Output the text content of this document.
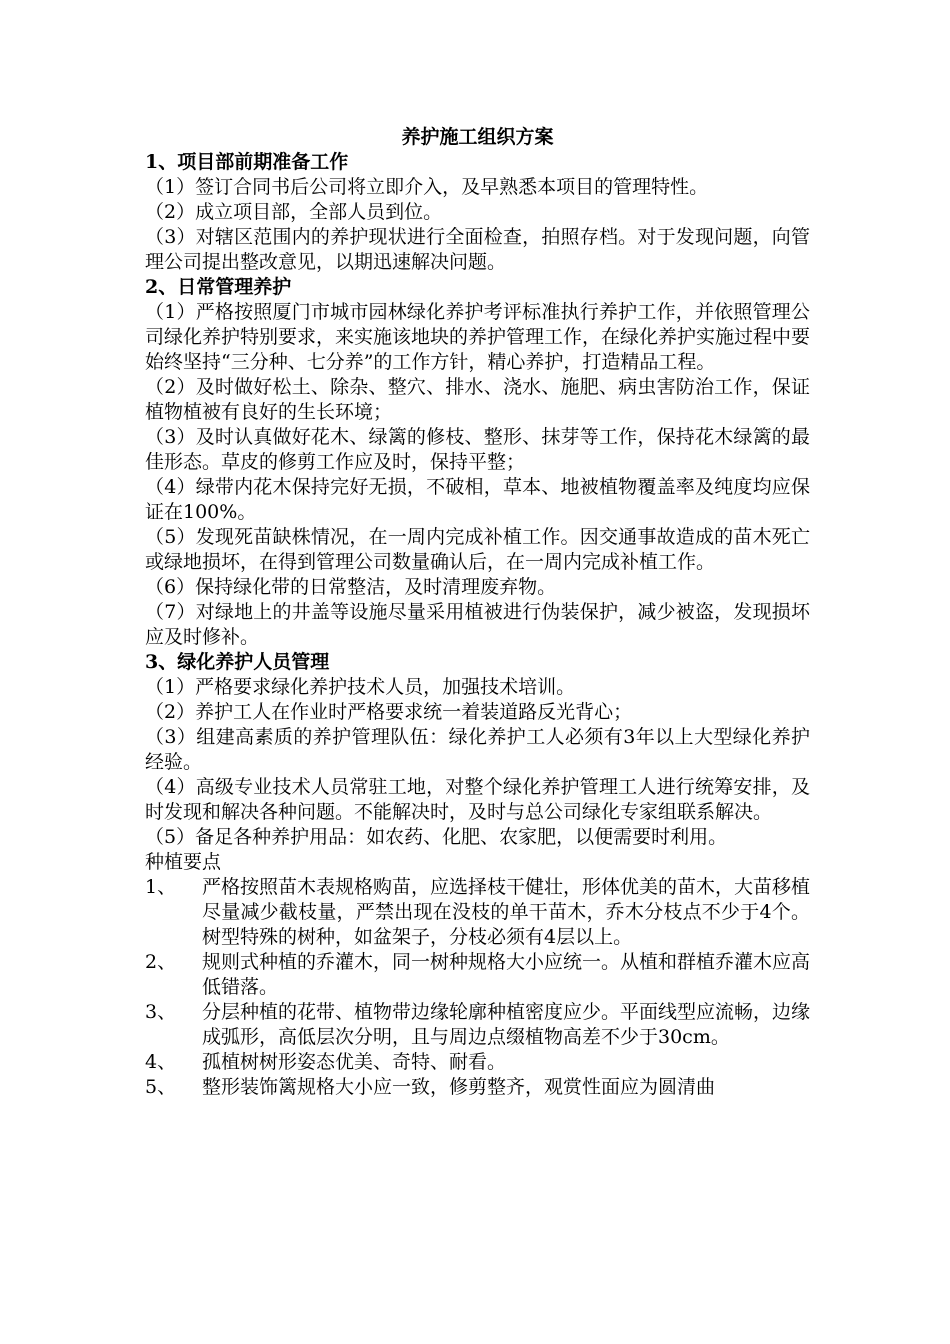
养护施工组织方案
1、项目部前期准备工作
（1）签订合同书后公司将立即介入，及早熟悉本项目的管理特性。
（2）成立项目部，全部人员到位。
（3）对辖区范围内的养护现状进行全面检查，拍照存档。对于发现问题，向管理公司提出整改意见，以期迅速解决问题。
2、日常管理养护
（1）严格按照厦门市城市园林绿化养护考评标准执行养护工作，并依照管理公司绿化养护特别要求，来实施该地块的养护管理工作，在绿化养护实施过程中要始终坚持“三分种、七分养”的工作方针，精心养护，打造精品工程。
（2）及时做好松土、除杂、整穴、排水、浇水、施肥、病虫害防治工作，保证植物植被有良好的生长环境；
（3）及时认真做好花木、绿篱的修枝、整形、抹芽等工作，保持花木绿篱的最佳形态。草皮的修剪工作应及时，保持平整；
（4）绿带内花木保持完好无损，不破相，草本、地被植物覆盖率及纯度均应保证在100%。
（5）发现死苗缺株情况，在一周内完成补植工作。因交通事故造成的苗木死亡或绿地损坏，在得到管理公司数量确认后，在一周内完成补植工作。
（6）保持绿化带的日常整洁，及时清理废弃物。
（7）对绿地上的井盖等设施尽量采用植被进行伪装保护，减少被盗，发现损坏应及时修补。
3、绿化养护人员管理
（1）严格要求绿化养护技术人员，加强技术培训。
（2）养护工人在作业时严格要求统一着装道路反光背心；
（3）组建高素质的养护管理队伍：绿化养护工人必须有3年以上大型绿化养护经验。
（4）高级专业技术人员常驻工地，对整个绿化养护管理工人进行统筹安排，及时发现和解决各种问题。不能解决时，及时与总公司绿化专家组联系解决。
（5）备足各种养护用品：如农药、化肥、农家肥，以便需要时利用。
种植要点
1、	严格按照苗木表规格购苗，应选择枝干健壮，形体优美的苗木，大苗移植尽量减少截枝量，严禁出现在没枝的单干苗木，乔木分枝点不少于4个。树型特殊的树种，如盆架子，分枝必须有4层以上。
2、	规则式种植的乔灌木，同一树种规格大小应统一。从植和群植乔灌木应高低错落。
3、	分层种植的花带、植物带边缘轮廓种植密度应少。平面线型应流畅，边缘成弧形，高低层次分明，且与周边点缀植物高差不少于30cm。
4、	孤植树树形姿态优美、奇特、耐看。
5、	整形装饰篱规格大小应一致，修剪整齐，观赏性面应为圆清曲
